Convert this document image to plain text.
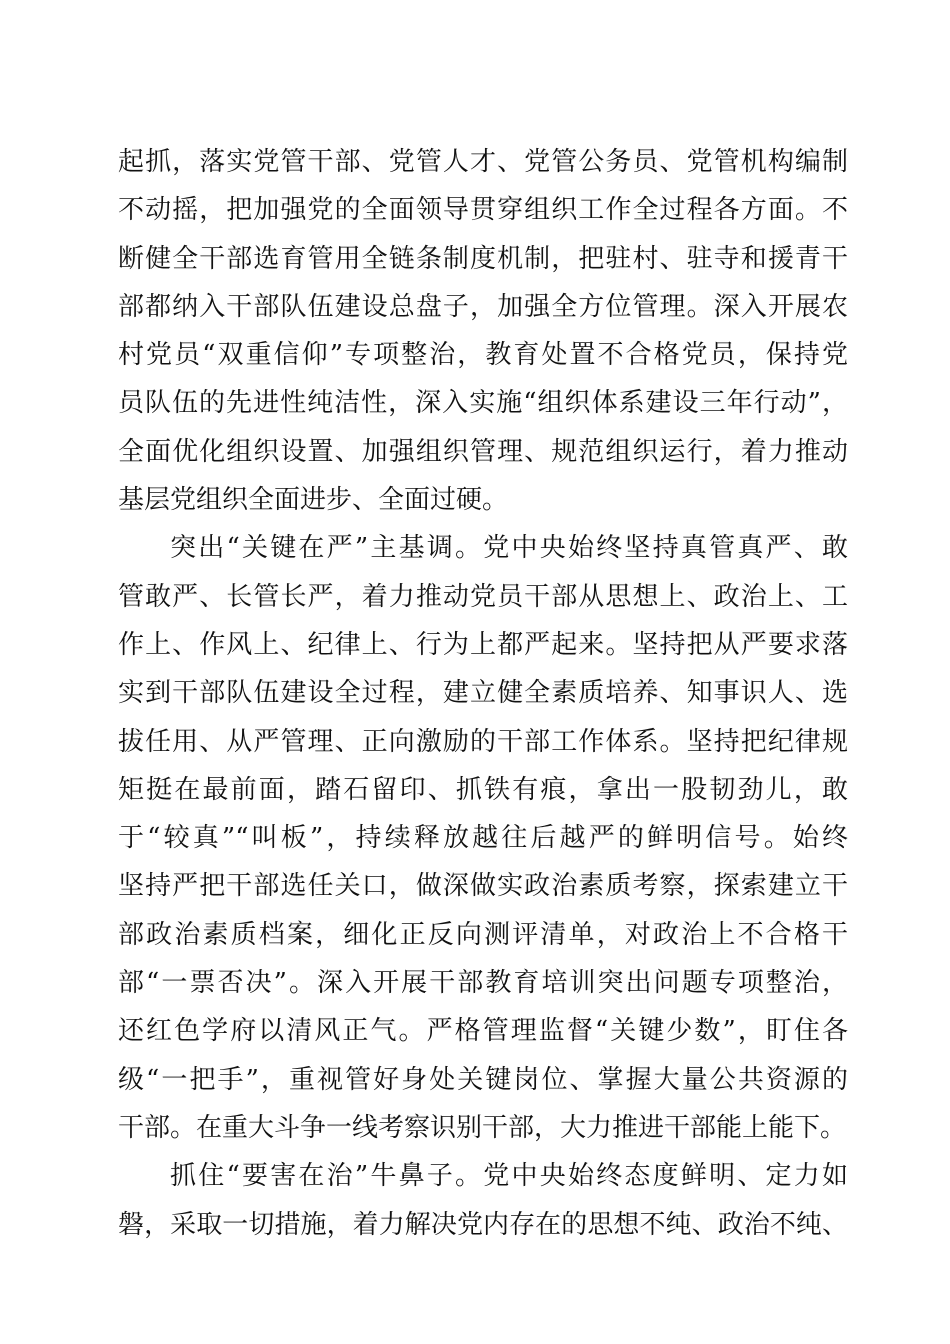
起抓，落实党管干部、党管人才、党管公务员、党管机构编制
不动摇，把加强党的全面领导贯穿组织工作全过程各方面。不
断健全干部选育管用全链条制度机制，把驻村、驻寺和援青干
部都纳入干部队伍建设总盘子，加强全方位管理。深入开展农
村党员“双重信仰”专项整治，教育处置不合格党员，保持党
员队伍的先进性纯洁性，深入实施“组织体系建设三年行动”，
全面优化组织设置、加强组织管理、规范组织运行，着力推动
基层党组织全面进步、全面过硬。
突出“关键在严”主基调。党中央始终坚持真管真严、敢
管敢严、长管长严，着力推动党员干部从思想上、政治上、工
作上、作风上、纪律上、行为上都严起来。坚持把从严要求落
实到干部队伍建设全过程，建立健全素质培养、知事识人、选
拔任用、从严管理、正向激励的干部工作体系。坚持把纪律规
矩挺在最前面，踏石留印、抓铁有痕，拿出一股韧劲儿，敢
于“较真”“叫板”，持续释放越往后越严的鲜明信号。始终
坚持严把干部选任关口，做深做实政治素质考察，探索建立干
部政治素质档案，细化正反向测评清单，对政治上不合格干
部“一票否决”。深入开展干部教育培训突出问题专项整治，
还红色学府以清风正气。严格管理监督“关键少数”，盯住各
级“一把手”，重视管好身处关键岗位、掌握大量公共资源的
干部。在重大斗争一线考察识别干部，大力推进干部能上能下。
抓住“要害在治”牛鼻子。党中央始终态度鲜明、定力如
磐，采取一切措施，着力解决党内存在的思想不纯、政治不纯、
